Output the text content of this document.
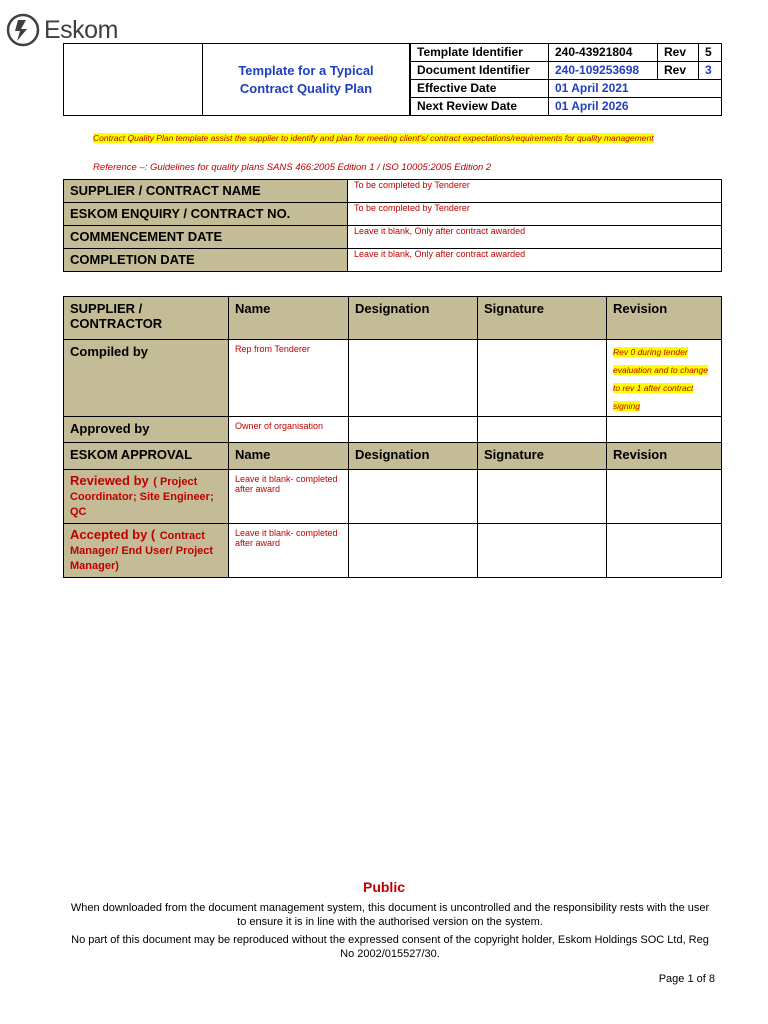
Eskom
Template for a Typical Contract Quality Plan
Template Identifier	240-43921804	Rev	5
Document Identifier	240-109253698	Rev	3
Effective Date	01 April 2021		
Next Review Date	01 April 2026		
Contract Quality Plan template assist the supplier to identify and plan for meeting client's/ contract expectations/requirements for quality management
Reference –: Guidelines for quality plans SANS 466:2005 Edition 1 / ISO 10005:2005 Edition 2
SUPPLIER / CONTRACT NAME	To be completed by Tenderer
ESKOM ENQUIRY / CONTRACT NO.	To be completed by Tenderer
COMMENCEMENT DATE	Leave it blank, Only after contract awarded
COMPLETION DATE	Leave it blank, Only after contract awarded
SUPPLIER / CONTRACTOR	Name	Designation	Signature	Revision
Compiled by	Rep from Tenderer			Rev 0 during tender evaluation and to change to rev 1 after contract signing
Approved by	Owner of organisation			
ESKOM APPROVAL	Name	Designation	Signature	Revision
Reviewed by ( Project Coordinator; Site Engineer; QC	Leave it blank- completed after award			
Accepted by ( Contract Manager/ End User/ Project Manager)	Leave it blank- completed after award			
Public
When downloaded from the document management system, this document is uncontrolled and the responsibility rests with the user to ensure it is in line with the authorised version on the system.
No part of this document may be reproduced without the expressed consent of the copyright holder, Eskom Holdings SOC Ltd, Reg No 2002/015527/30.
Page 1 of 8
